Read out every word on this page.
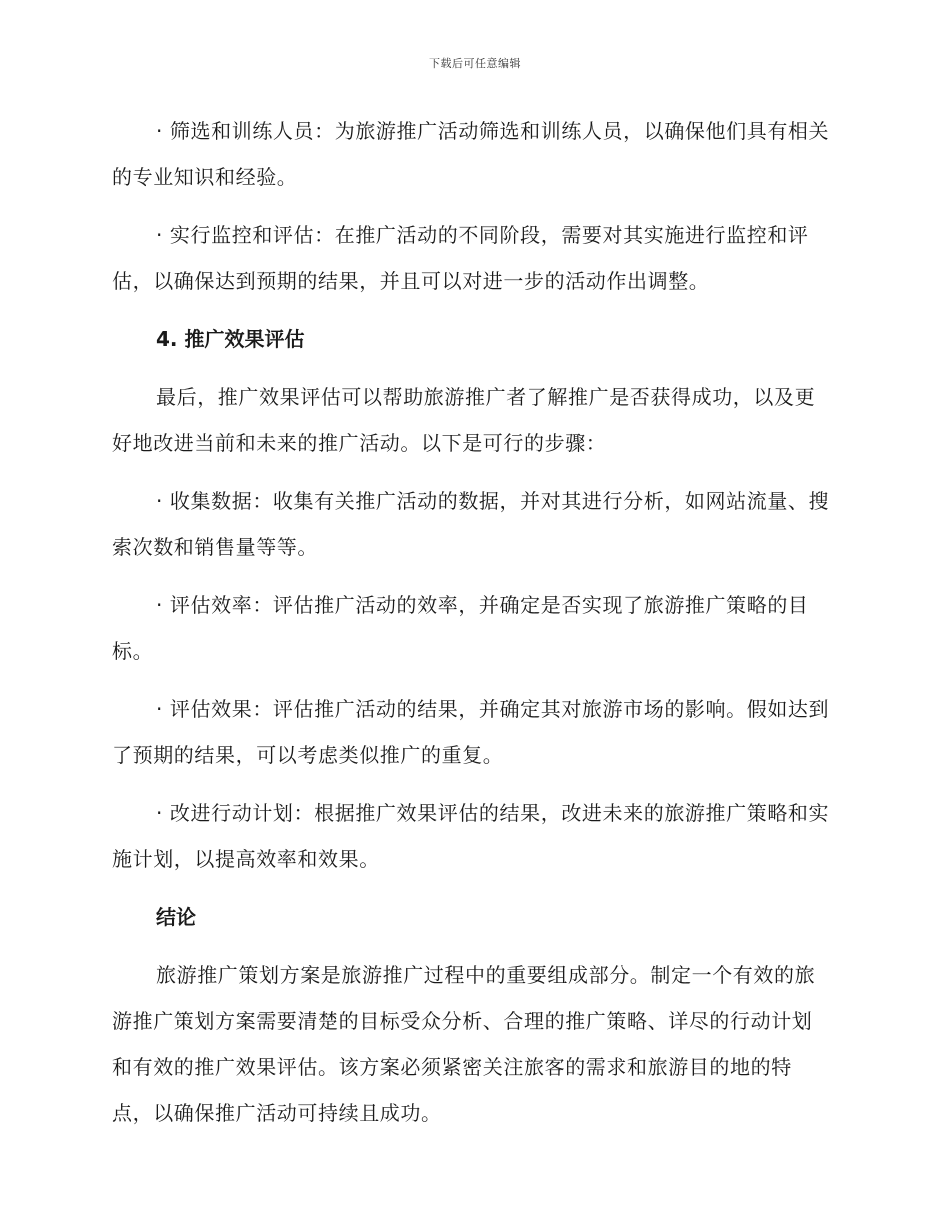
下载后可任意编辑

· 筛选和训练人员：为旅游推广活动筛选和训练人员，以确保他们具有相关的专业知识和经验。

· 实行监控和评估：在推广活动的不同阶段，需要对其实施进行监控和评估，以确保达到预期的结果，并且可以对进一步的活动作出调整。

4. 推广效果评估

最后，推广效果评估可以帮助旅游推广者了解推广是否获得成功，以及更好地改进当前和未来的推广活动。以下是可行的步骤：

· 收集数据：收集有关推广活动的数据，并对其进行分析，如网站流量、搜索次数和销售量等等。

· 评估效率：评估推广活动的效率，并确定是否实现了旅游推广策略的目标。

· 评估效果：评估推广活动的结果，并确定其对旅游市场的影响。假如达到了预期的结果，可以考虑类似推广的重复。

· 改进行动计划：根据推广效果评估的结果，改进未来的旅游推广策略和实施计划，以提高效率和效果。

结论

旅游推广策划方案是旅游推广过程中的重要组成部分。制定一个有效的旅游推广策划方案需要清楚的目标受众分析、合理的推广策略、详尽的行动计划和有效的推广效果评估。该方案必须紧密关注旅客的需求和旅游目的地的特点，以确保推广活动可持续且成功。
